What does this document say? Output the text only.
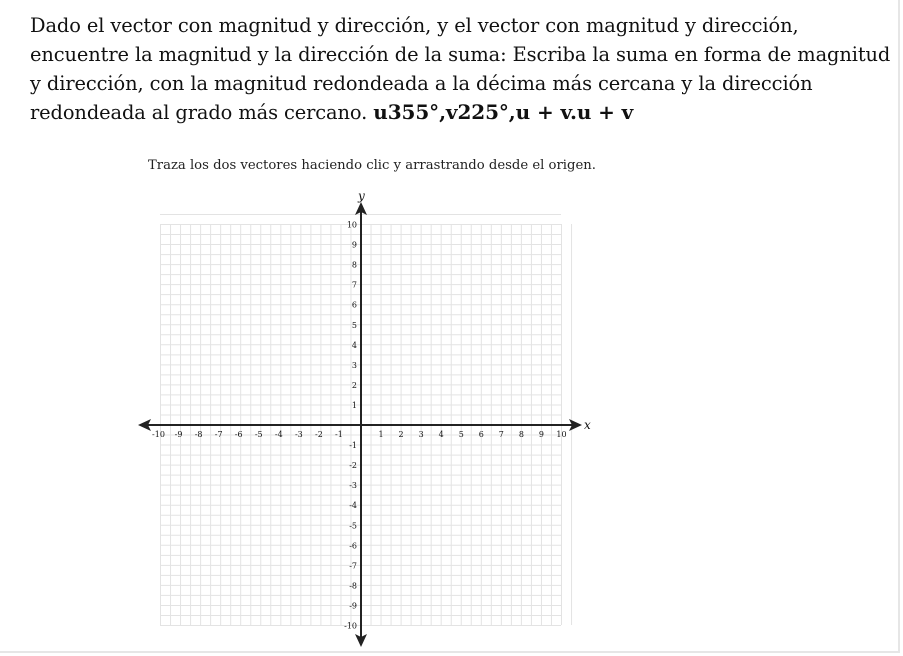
Dado el vector con magnitud y dirección, y el vector con magnitud y dirección, encuentre la magnitud y la dirección de la suma: Escriba la suma en forma de magnitud y dirección, con la magnitud redondeada a la décima más cercana y la dirección redondeada al grado más cercano. u355°,v225°,u + v.u + v
Traza los dos vectores haciendo clic y arrastrando desde el origen.
-10 -9 -8 -7 -6 -5 -4 -3 -2 -1	1 2 3 4 5 6 7 8 9 10
10
9
8
7
6
5
4
3
2
1
-1
-2
-3
-4
-5
-6
-7
-8
-9
-10
x
y
